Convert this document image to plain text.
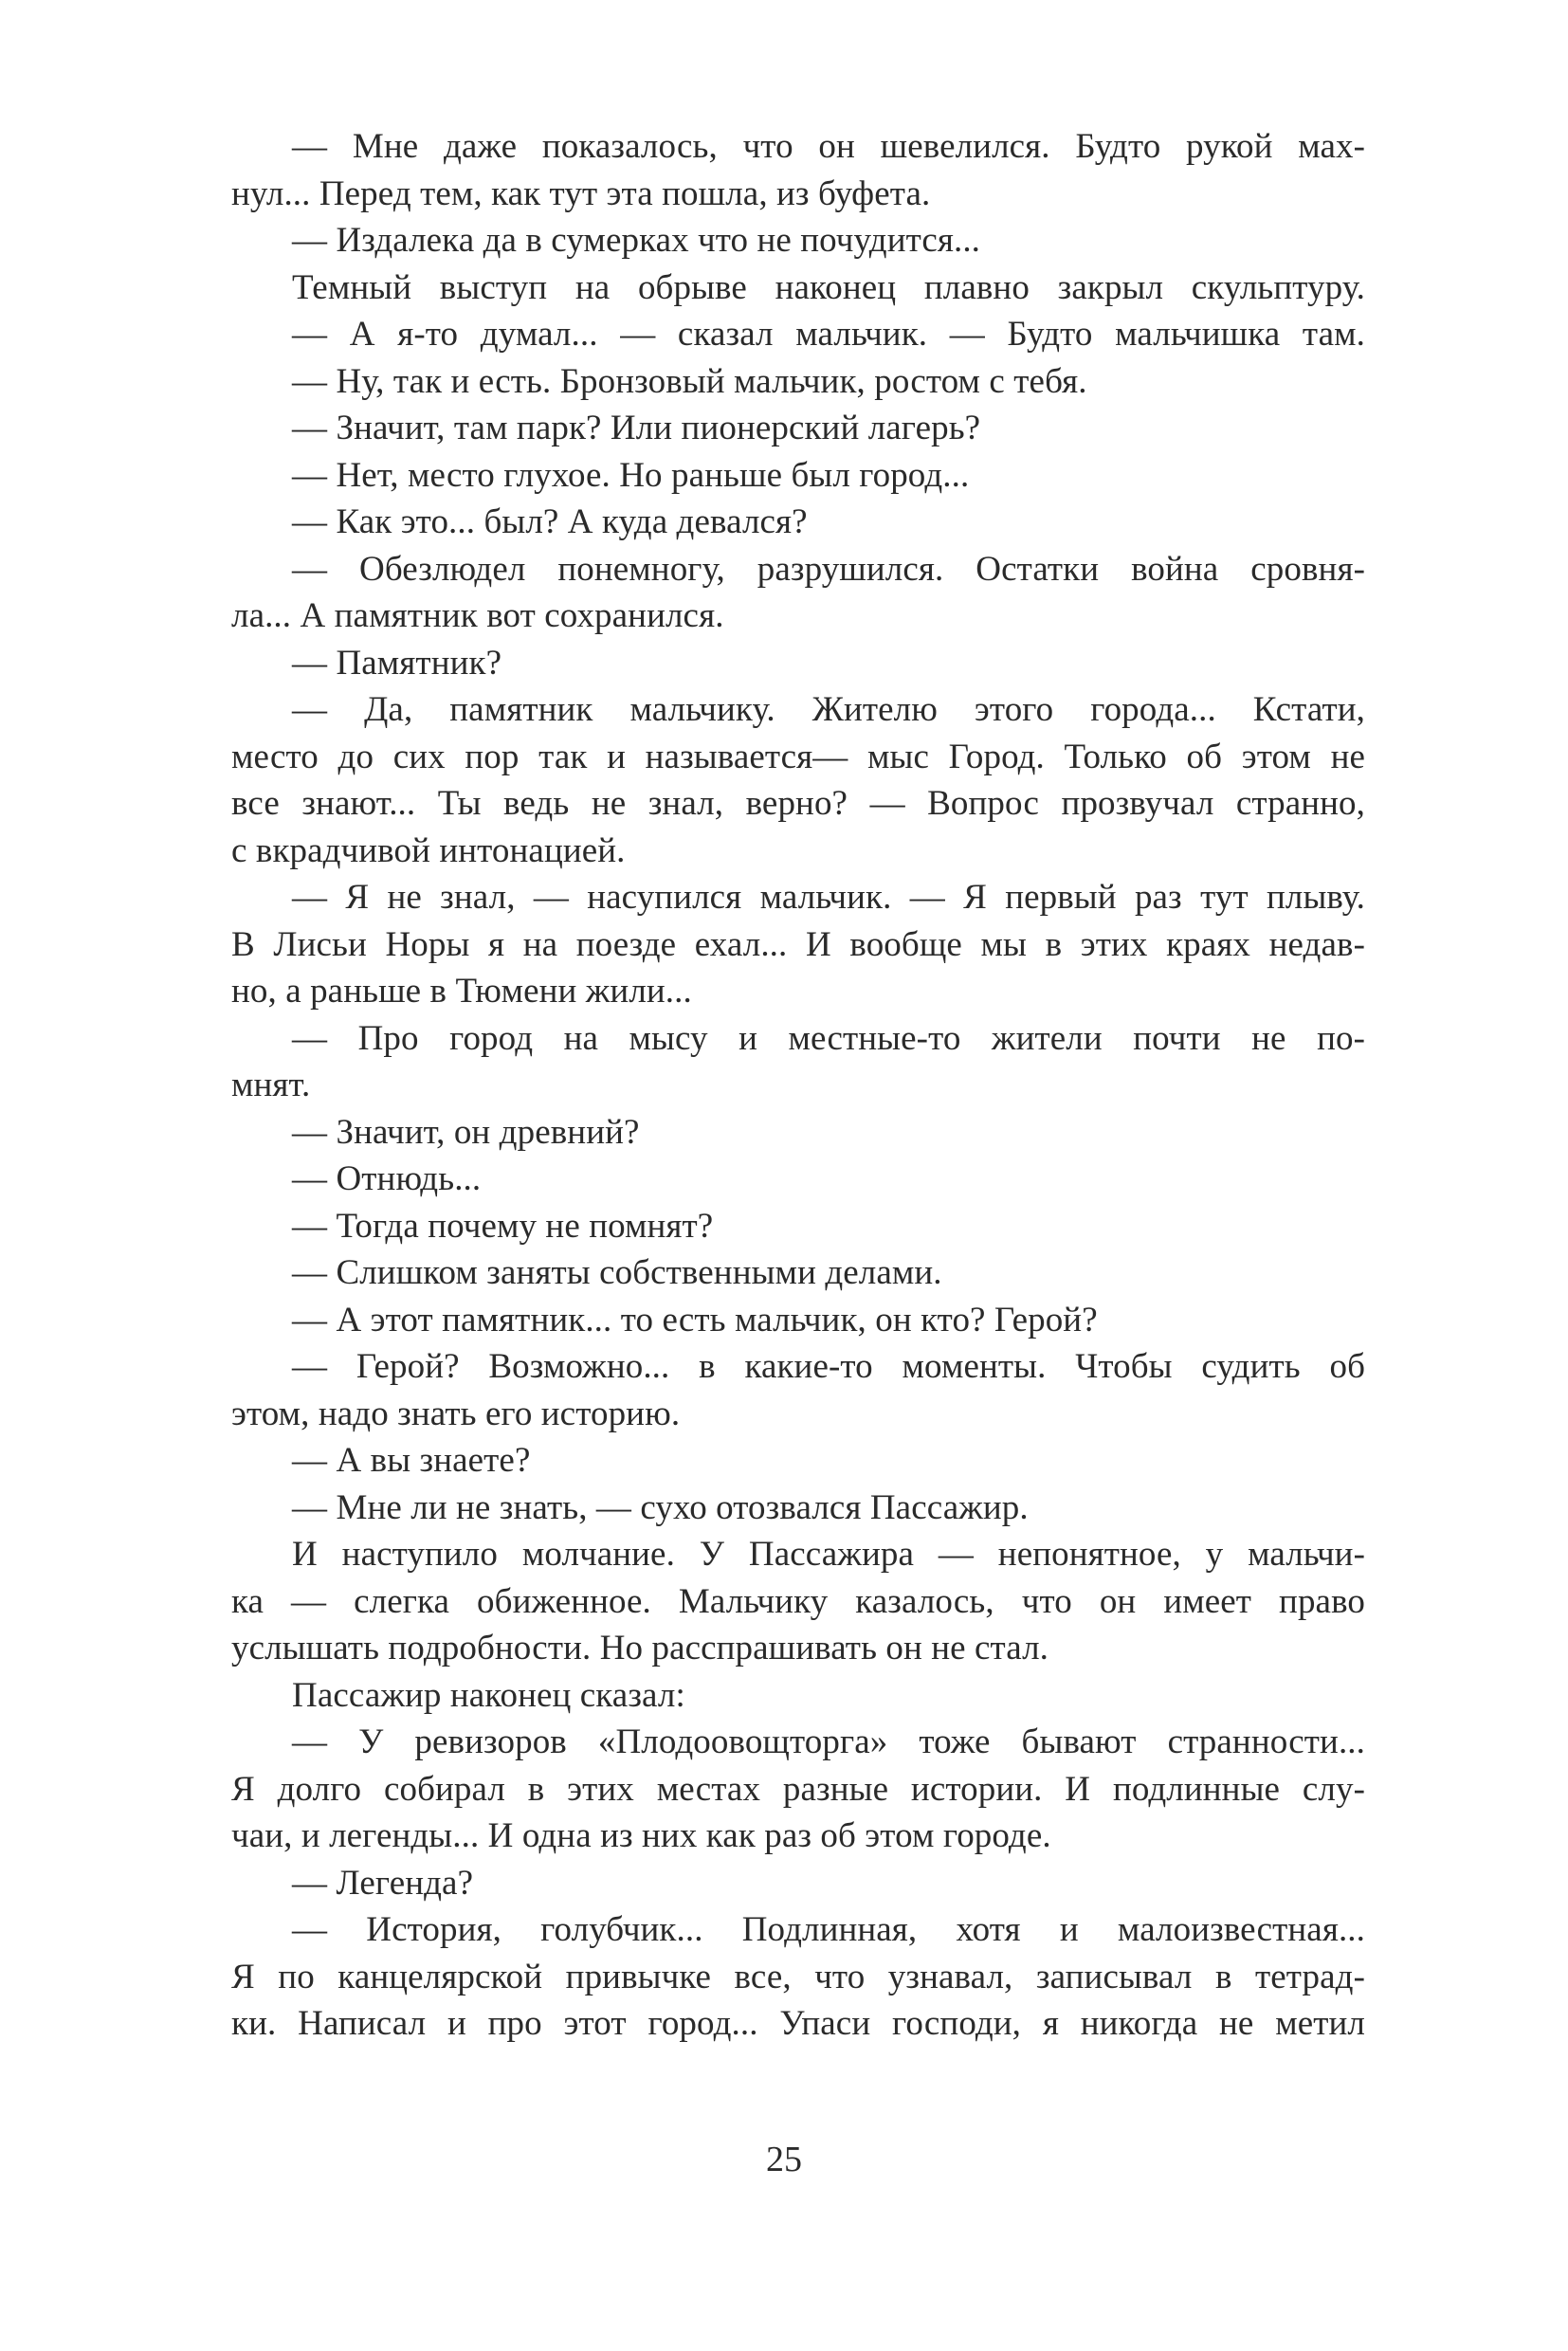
— Мне даже показалось, что он шевелился. Будто рукой мах-
нул... Перед тем, как тут эта пошла, из буфета.
— Издалека да в сумерках что не почудится...
Темный выступ на обрыве наконец плавно закрыл скульптуру.
— А я-то думал... — сказал мальчик. — Будто мальчишка там.
— Ну, так и есть. Бронзовый мальчик, ростом с тебя.
— Значит, там парк? Или пионерский лагерь?
— Нет, место глухое. Но раньше был город...
— Как это... был? А куда девался?
— Обезлюдел понемногу, разрушился. Остатки война сровня-
ла... А памятник вот сохранился.
— Памятник?
— Да, памятник мальчику. Жителю этого города... Кстати,
место до сих пор так и называется— мыс Город. Только об этом не
все знают... Ты ведь не знал, верно? — Вопрос прозвучал странно,
с вкрадчивой интонацией.
— Я не знал, — насупился мальчик. — Я первый раз тут плыву.
В Лисьи Норы я на поезде ехал... И вообще мы в этих краях недав-
но, а раньше в Тюмени жили...
— Про город на мысу и местные-то жители почти не по-
мнят.
— Значит, он древний?
— Отнюдь...
— Тогда почему не помнят?
— Слишком заняты собственными делами.
— А этот памятник... то есть мальчик, он кто? Герой?
— Герой? Возможно... в какие-то моменты. Чтобы судить об
этом, надо знать его историю.
— А вы знаете?
— Мне ли не знать, — сухо отозвался Пассажир.
И наступило молчание. У Пассажира — непонятное, у мальчи-
ка — слегка обиженное. Мальчику казалось, что он имеет право
услышать подробности. Но расспрашивать он не стал.
Пассажир наконец сказал:
— У ревизоров «Плодоовощторга» тоже бывают странности...
Я долго собирал в этих местах разные истории. И подлинные слу-
чаи, и легенды... И одна из них как раз об этом городе.
— Легенда?
— История, голубчик... Подлинная, хотя и малоизвестная...
Я по канцелярской привычке все, что узнавал, записывал в тетрад-
ки. Написал и про этот город... Упаси господи, я никогда не метил
25
